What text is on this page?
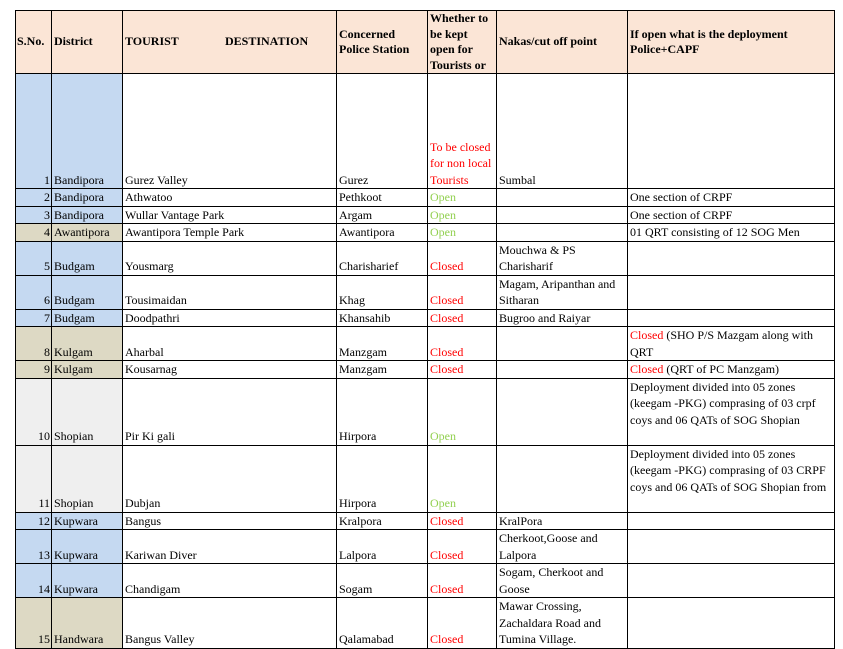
S.No.	District	TOURIST DESTINATION	Concerned Police Station	Whether to be kept open for Tourists or	Nakas/cut off point	If open what is the deployment Police+CAPF
1	Bandipora	Gurez Valley	Gurez	To be closed for non local Tourists	Sumbal	
2	Bandipora	Athwatoo	Pethkoot	Open		One section of CRPF
3	Bandipora	Wullar Vantage Park	Argam	Open		One section of CRPF
4	Awantipora	Awantipora Temple Park	Awantipora	Open		01 QRT consisting of 12 SOG Men
5	Budgam	Yousmarg	Charisharief	Closed	Mouchwa & PS Charisharif	
6	Budgam	Tousimaidan	Khag	Closed	Magam, Aripanthan and Sitharan	
7	Budgam	Doodpathri	Khansahib	Closed	Bugroo and Raiyar	
8	Kulgam	Aharbal	Manzgam	Closed		Closed (SHO P/S Mazgam along with QRT
9	Kulgam	Kousarnag	Manzgam	Closed		Closed (QRT of PC Manzgam)
10	Shopian	Pir Ki gali	Hirpora	Open		Deployment divided into 05 zones (keegam -PKG) comprasing of 03 crpf coys and 06 QATs of SOG Shopian
11	Shopian	Dubjan	Hirpora	Open		Deployment divided into 05 zones (keegam -PKG) comprasing of 03 CRPF coys and 06 QATs of SOG Shopian from
12	Kupwara	Bangus	Kralpora	Closed	KralPora	
13	Kupwara	Kariwan Diver	Lalpora	Closed	Cherkoot,Goose and Lalpora	
14	Kupwara	Chandigam	Sogam	Closed	Sogam, Cherkoot and Goose	
15	Handwara	Bangus Valley	Qalamabad	Closed	Mawar Crossing, Zachaldara Road and Tumina Village.	
